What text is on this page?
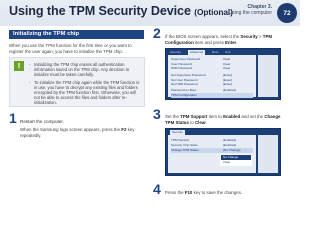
Using the TPM Security Device (Optional)	Chapter 3.
Using the computer	72
Initializing the TPM chip

When you use the TPM function for the first time or you want to register the user again, you have to initialize the TPM chip.

!
-	Initializing the TPM chip erases all authentication information saved on the TPM chip. Any decision to initialize must be taken carefully.
- To initialize the TPM chip again while the TPM function is in use, you have to decrypt any existing files and folders encrypted by the TPM function first. Otherwise, you will not be able to access the files and folders after re-initialization.
1 Restart the computer.
When the Samsung logo screen appears, press the F2 key repeatedly.
2 If the BIOS screen appears, select the Security > TPM
Configuration item and press Enter.
Security	Advanced	Boot Exit
Supervisor Password	Clear
User Password	Clear
HDD Password	Clear
Set Supervisor Password	[Enter]
Set User Password	[Enter]
Set HDD Password	[Enter]
Password on Boot	[Enabled]
TPM Configuration
3 Set the TPM Support item to Enabled and set the Change
TPM Status to Clear.
Security
TPM Support	[Enabled]
Security Chip State	[Enabled]
Change TPM Status	[No Change]
No Change
Clear
4 Press the F10 key to save the changes.
